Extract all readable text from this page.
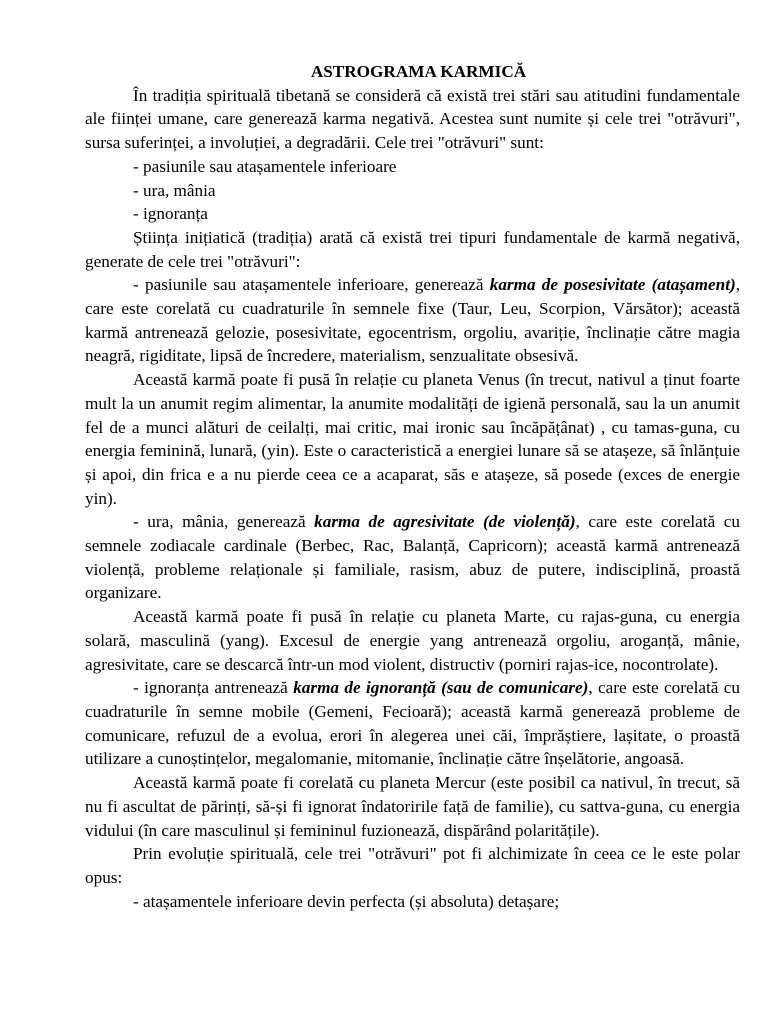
ASTROGRAMA KARMICĂ

În tradiția spirituală tibetană se consideră că există trei stări sau atitudini fundamentale ale ființei umane, care generează karma negativă. Acestea sunt numite și cele trei "otrăvuri", sursa suferinței, a involuției, a degradării. Cele trei "otrăvuri" sunt:

- pasiunile sau atașamentele inferioare

- ura, mânia

- ignoranța

Știința inițiatică (tradiția) arată că există trei tipuri fundamentale de karmă negativă, generate de cele trei "otrăvuri":

- pasiunile sau atașamentele inferioare, generează karma de posesivitate (atașament), care este corelată cu cuadraturile în semnele fixe (Taur, Leu, Scorpion, Vărsător); această karmă antrenează gelozie, posesivitate, egocentrism, orgoliu, avariție, înclinație către magia neagră, rigiditate, lipsă de încredere, materialism, senzualitate obsesivă.

Această karmă poate fi pusă în relație cu planeta Venus (în trecut, nativul a ținut foarte mult la un anumit regim alimentar, la anumite modalități de igienă personală, sau la un anumit fel de a munci alături de ceilalți, mai critic, mai ironic sau încăpățânat) , cu tamas-guna, cu energia feminină, lunară, (yin). Este o caracteristică a energiei lunare să se atașeze, să înlănțuie și apoi, din frica e a nu pierde ceea ce a acaparat, săs e atașeze, să posede (exces de energie yin).

- ura, mânia, generează karma de agresivitate (de violență), care este corelată cu semnele zodiacale cardinale (Berbec, Rac, Balanță, Capricorn); această karmă antrenează violență, probleme relaționale și familiale, rasism, abuz de putere, indisciplină, proastă organizare.

Această karmă poate fi pusă în relație cu planeta Marte, cu rajas-guna, cu energia solară, masculină (yang). Excesul de energie yang antrenează orgoliu, aroganță, mânie, agresivitate, care se descarcă într-un mod violent, distructiv (porniri rajas-ice, nocontrolate).

- ignoranța antrenează karma de ignoranță (sau de comunicare), care este corelată cu cuadraturile în semne mobile (Gemeni, Fecioară); această karmă generează probleme de comunicare, refuzul de a evolua, erori în alegerea unei căi, împrăștiere, lașitate, o proastă utilizare a cunoștințelor, megalomanie, mitomanie, înclinație către înșelătorie, angoasă.

Această karmă poate fi corelată cu planeta Mercur (este posibil ca nativul, în trecut, să nu fi ascultat de părinți, să-și fi ignorat îndatoririle față de familie), cu sattva-guna, cu energia vidului (în care masculinul și femininul fuzionează, dispărând polaritățile).

Prin evoluție spirituală, cele trei "otrăvuri" pot fi alchimizate în ceea ce le este polar opus:

- atașamentele inferioare devin perfecta (și absoluta) detașare;
